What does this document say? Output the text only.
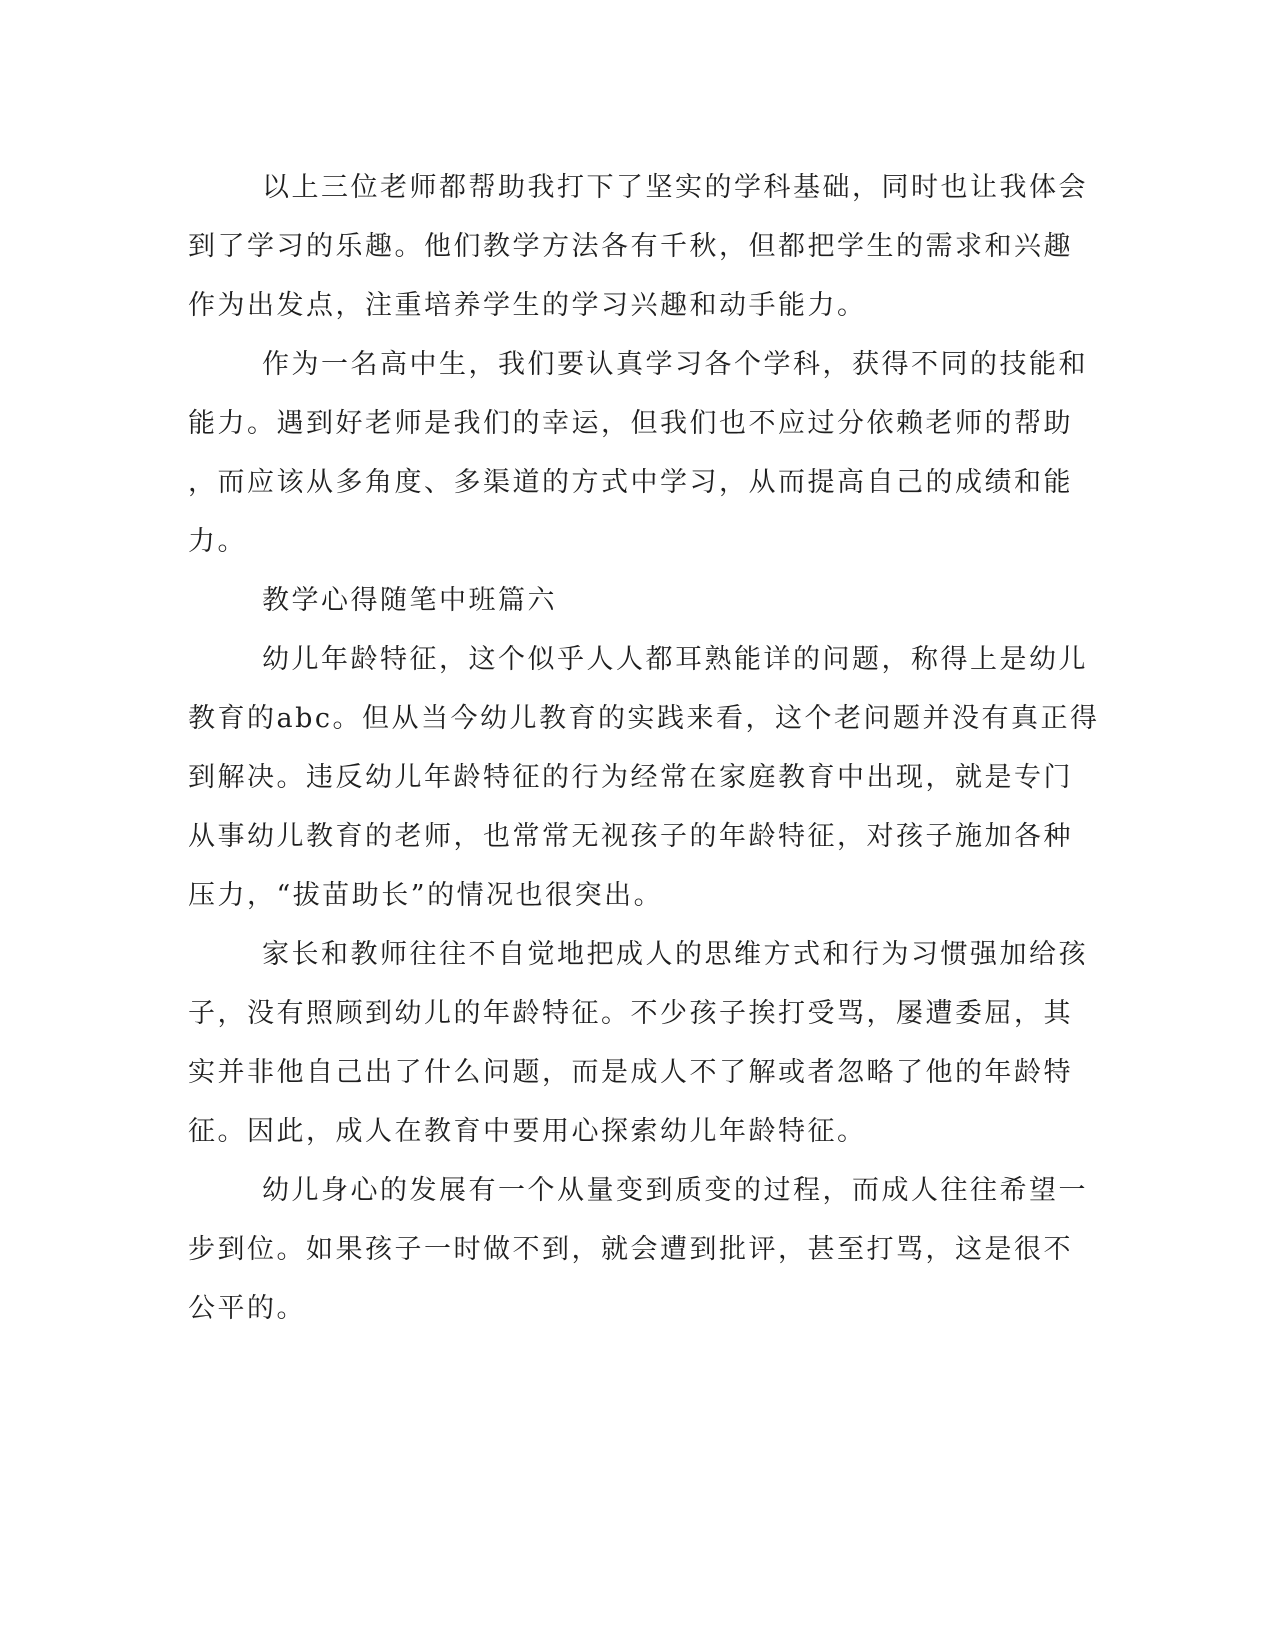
以上三位老师都帮助我打下了坚实的学科基础，同时也让我体会

到了学习的乐趣。他们教学方法各有千秋，但都把学生的需求和兴趣

作为出发点，注重培养学生的学习兴趣和动手能力。

作为一名高中生，我们要认真学习各个学科，获得不同的技能和

能力。遇到好老师是我们的幸运，但我们也不应过分依赖老师的帮助

，而应该从多角度、多渠道的方式中学习，从而提高自己的成绩和能

力。

教学心得随笔中班篇六

幼儿年龄特征，这个似乎人人都耳熟能详的问题，称得上是幼儿

教育的abc。但从当今幼儿教育的实践来看，这个老问题并没有真正得

到解决。违反幼儿年龄特征的行为经常在家庭教育中出现，就是专门

从事幼儿教育的老师，也常常无视孩子的年龄特征，对孩子施加各种

压力，“拔苗助长”的情况也很突出。

家长和教师往往不自觉地把成人的思维方式和行为习惯强加给孩

子，没有照顾到幼儿的年龄特征。不少孩子挨打受骂，屡遭委屈，其

实并非他自己出了什么问题，而是成人不了解或者忽略了他的年龄特

征。因此，成人在教育中要用心探索幼儿年龄特征。

幼儿身心的发展有一个从量变到质变的过程，而成人往往希望一

步到位。如果孩子一时做不到，就会遭到批评，甚至打骂，这是很不

公平的。
